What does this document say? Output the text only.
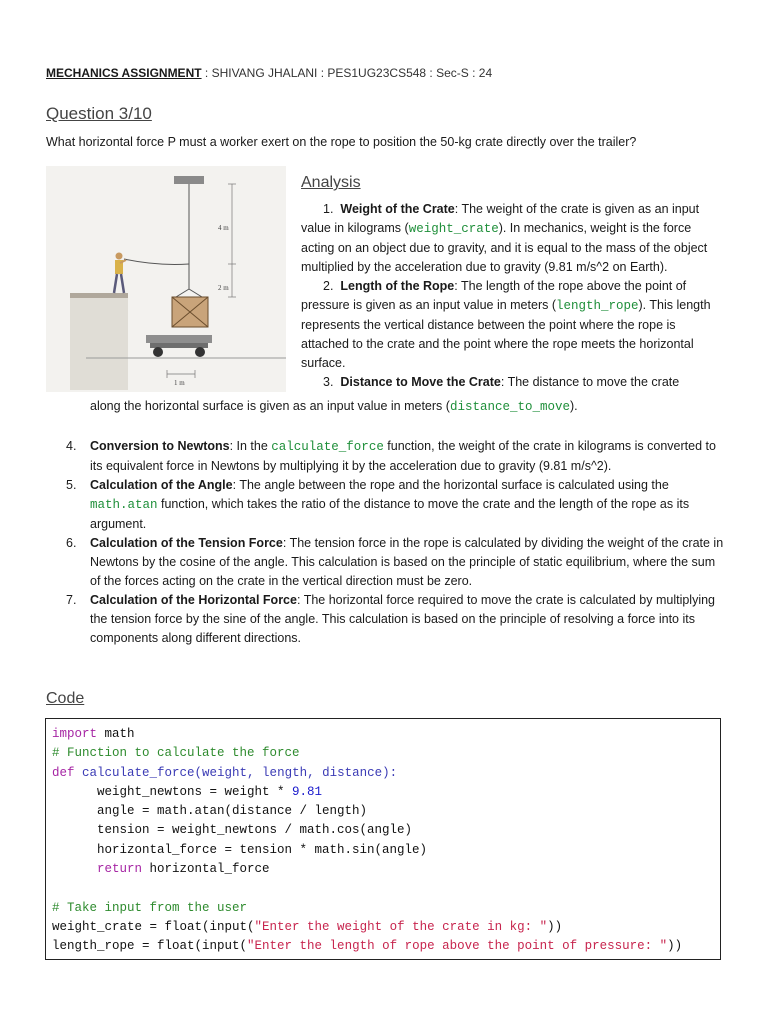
MECHANICS ASSIGNMENT : SHIVANG JHALANI : PES1UG23CS548 : Sec-S : 24
Question 3/10
What horizontal force P must a worker exert on the rope to position the 50-kg crate directly over the trailer?
4 m
2 m
1 m
Analysis

1. Weight of the Crate: The weight of the crate is given as an input value in kilograms (weight_crate). In mechanics, weight is the force acting on an object due to gravity, and it is equal to the mass of the object multiplied by the acceleration due to gravity (9.81 m/s^2 on Earth).

2. Length of the Rope: The length of the rope above the point of pressure is given as an input value in meters (length_rope). This length represents the vertical distance between the point where the rope is attached to the crate and the point where the rope meets the horizontal surface.

3. Distance to Move the Crate: The distance to move the crate

along the horizontal surface is given as an input value in meters (distance_to_move).
4. Conversion to Newtons: In the calculate_force function, the weight of the crate in kilograms is converted to its equivalent force in Newtons by multiplying it by the acceleration due to gravity (9.81 m/s^2).
5. Calculation of the Angle: The angle between the rope and the horizontal surface is calculated using the math.atan function, which takes the ratio of the distance to move the crate and the length of the rope as its argument.
6. Calculation of the Tension Force: The tension force in the rope is calculated by dividing the weight of the crate in Newtons by the cosine of the angle. This calculation is based on the principle of static equilibrium, where the sum of the forces acting on the crate in the vertical direction must be zero.
7. Calculation of the Horizontal Force: The horizontal force required to move the crate is calculated by multiplying the tension force by the sine of the angle. This calculation is based on the principle of resolving a force into its components along different directions.
Code
import math
# Function to calculate the force
def calculate_force(weight, length, distance):
weight_newtons = weight * 9.81
angle = math.atan(distance / length)
tension = weight_newtons / math.cos(angle)
horizontal_force = tension * math.sin(angle)
return horizontal_force
# Take input from the user
weight_crate = float(input("Enter the weight of the crate in kg: "))
length_rope = float(input("Enter the length of rope above the point of pressure: "))
